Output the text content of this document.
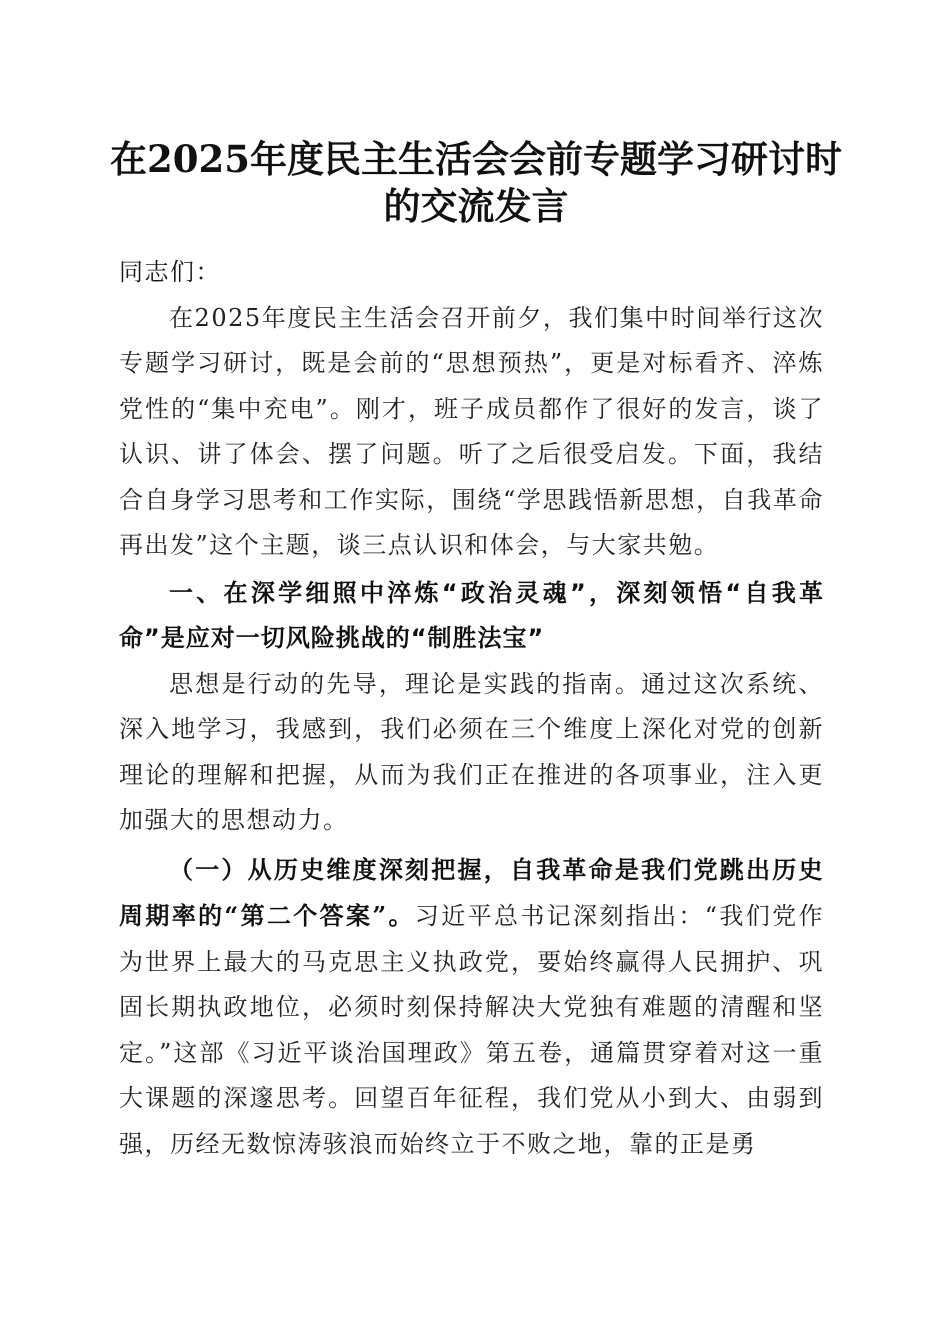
在2025年度民主生活会会前专题学习研讨时的交流发言

同志们：

在2025年度民主生活会召开前夕，我们集中时间举行这次专题学习研讨，既是会前的“思想预热”，更是对标看齐、淬炼党性的“集中充电”。刚才，班子成员都作了很好的发言，谈了认识、讲了体会、摆了问题。听了之后很受启发。下面，我结合自身学习思考和工作实际，围绕“学思践悟新思想，自我革命再出发”这个主题，谈三点认识和体会，与大家共勉。

一、在深学细照中淬炼“政治灵魂”，深刻领悟“自我革命”是应对一切风险挑战的“制胜法宝”

思想是行动的先导，理论是实践的指南。通过这次系统、深入地学习，我感到，我们必须在三个维度上深化对党的创新理论的理解和把握，从而为我们正在推进的各项事业，注入更加强大的思想动力。

（一）从历史维度深刻把握，自我革命是我们党跳出历史周期率的“第二个答案”。习近平总书记深刻指出：“我们党作为世界上最大的马克思主义执政党，要始终赢得人民拥护、巩固长期执政地位，必须时刻保持解决大党独有难题的清醒和坚定。”这部《习近平谈治国理政》第五卷，通篇贯穿着对这一重大课题的深邃思考。回望百年征程，我们党从小到大、由弱到强，历经无数惊涛骇浪而始终立于不败之地，靠的正是勇
